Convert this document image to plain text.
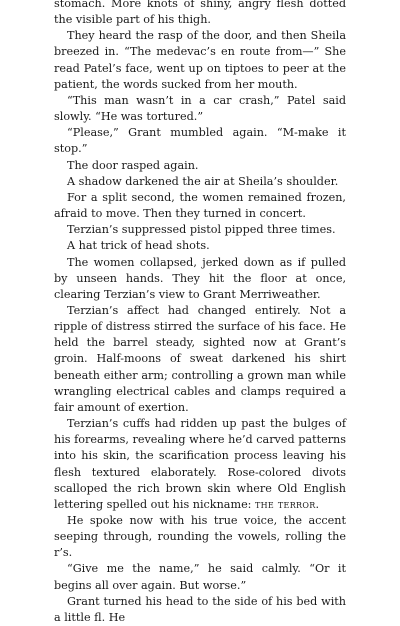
stomach. More knots of shiny, angry flesh dotted the visible part of his thigh.

They heard the rasp of the door, and then Sheila breezed in. “The medevac’s en route from—” She read Patel’s face, went up on tiptoes to peer at the patient, the words sucked from her mouth.

“This man wasn’t in a car crash,” Patel said slowly. “He was tortured.”

“Please,” Grant mumbled again. “M-make it stop.”

The door rasped again.

A shadow darkened the air at Sheila’s shoulder.

For a split second, the women remained frozen, afraid to move. Then they turned in concert.

Terzian’s suppressed pistol pipped three times.

A hat trick of head shots.

The women collapsed, jerked down as if pulled by unseen hands. They hit the floor at once, clearing Terzian’s view to Grant Merriweather.

Terzian’s affect had changed entirely. Not a ripple of distress stirred the surface of his face. He held the barrel steady, sighted now at Grant’s groin. Half-moons of sweat darkened his shirt beneath either arm; controlling a grown man while wrangling electrical cables and clamps required a fair amount of exertion.

Terzian’s cuffs had ridden up past the bulges of his forearms, revealing where he’d carved patterns into his skin, the scarification process leaving his flesh textured elaborately. Rose-colored divots scalloped the rich brown skin where Old English lettering spelled out his nickname: the terror.

He spoke now with his true voice, the accent seeping through, rounding the vowels, rolling the r’s.

“Give me the name,” he said calmly. “Or it begins all over again. But worse.”

Grant turned his head to the side of his bed with a little fl. He
